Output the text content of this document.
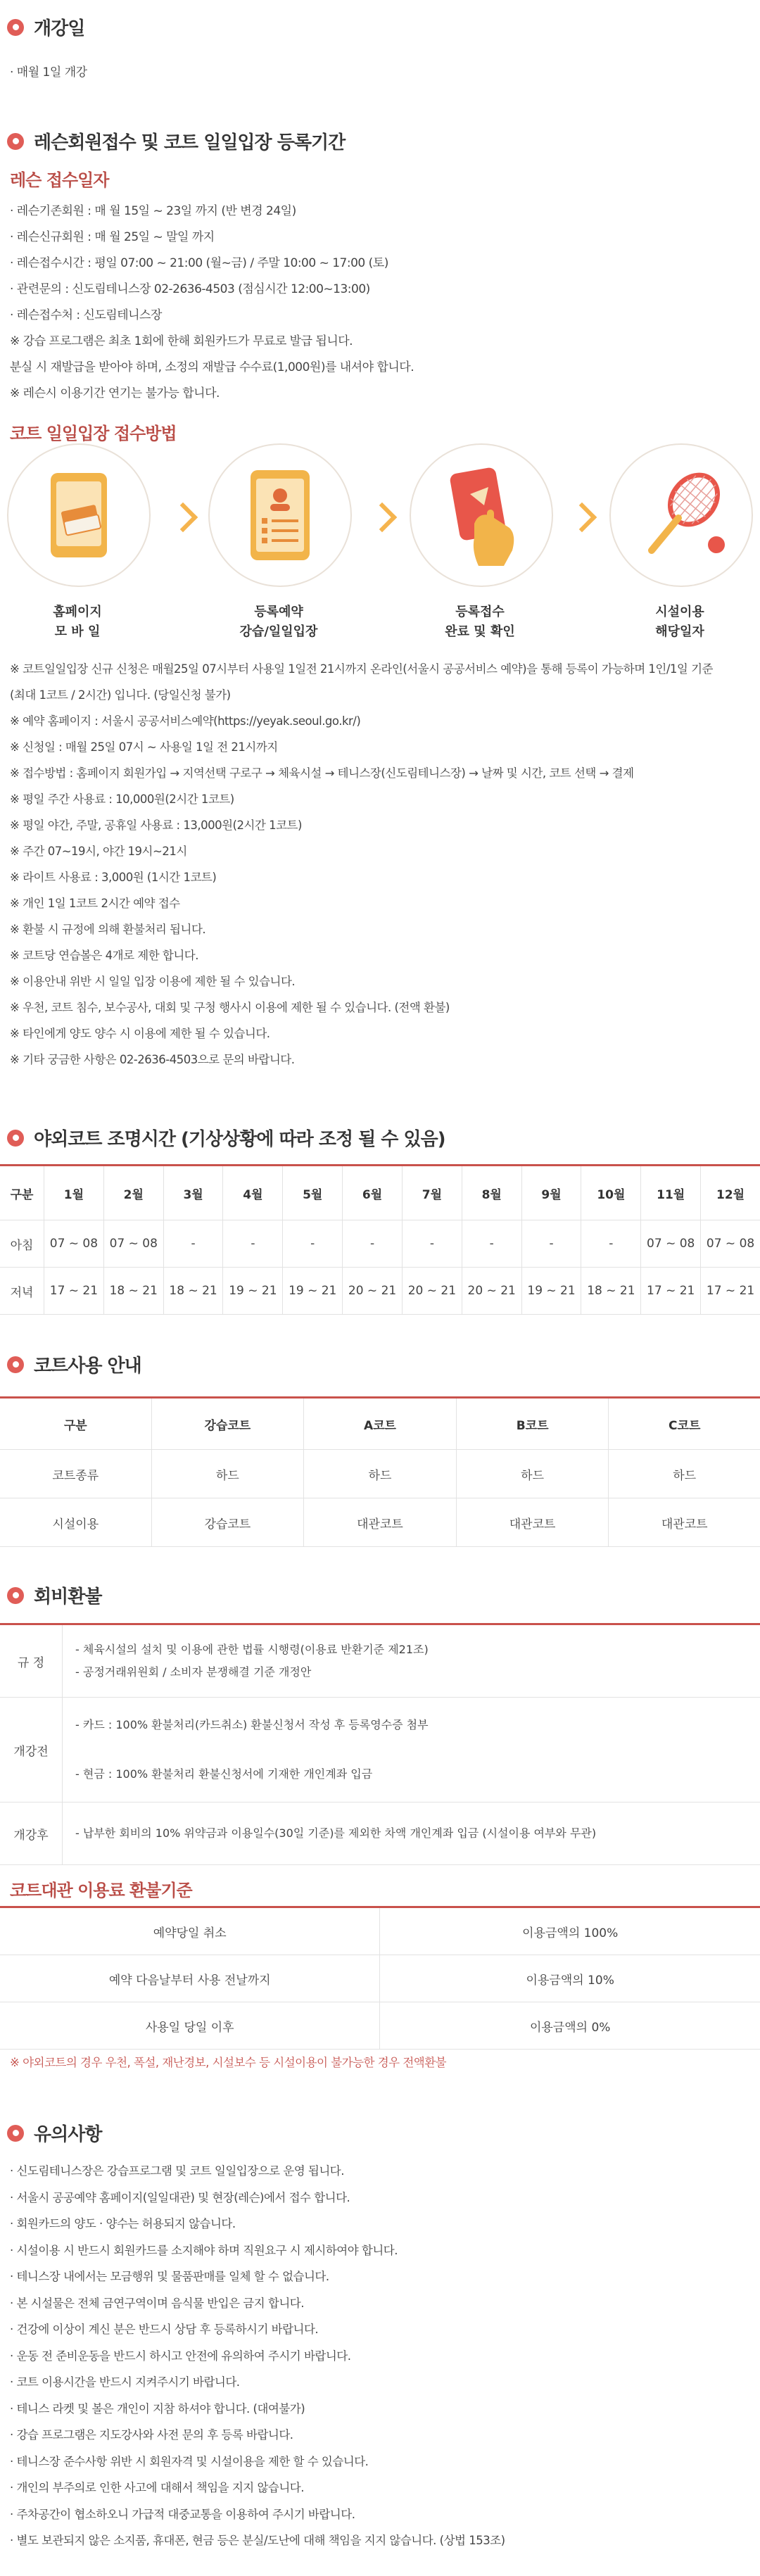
개강일
· 매월 1일 개강
레슨회원접수 및 코트 일일입장 등록기간
레슨 접수일자
· 레슨기존회원 : 매 월 15일 ~ 23일 까지 (반 변경 24일)
· 레슨신규회원 : 매 월 25일 ~ 말일 까지
· 레슨접수시간 : 평일 07:00 ~ 21:00 (월~금) / 주말 10:00 ~ 17:00 (토)
· 관련문의 : 신도림테니스장 02-2636-4503 (점심시간 12:00~13:00)
· 레슨접수처 : 신도림테니스장
※ 강습 프로그램은 최초 1회에 한해 회원카드가 무료로 발급 됩니다.
분실 시 재발급을 받아야 하며, 소정의 재발급 수수료(1,000원)를 내셔야 합니다.
※ 레슨시 이용기간 연기는 불가능 합니다.
코트 일일입장 접수방법
홈페이지
모 바 일
등록예약
강습/일일입장
등록접수
완료 및 확인
시설이용
해당일자
※ 코트일일입장 신규 신청은 매월25일 07시부터 사용일 1일전 21시까지 온라인(서울시 공공서비스 예약)을 통해 등록이 가능하며 1인/1일 기준
(최대 1코트 / 2시간) 입니다. (당일신청 불가)
※ 예약 홈페이지 : 서울시 공공서비스예약(https://yeyak.seoul.go.kr/)
※ 신청일 : 매월 25일 07시 ~ 사용일 1일 전 21시까지
※ 접수방법 : 홈페이지 회원가입 → 지역선택 구로구 → 체육시설 → 테니스장(신도림테니스장) → 날짜 및 시간, 코트 선택 → 결제
※ 평일 주간 사용료 : 10,000원(2시간 1코트)
※ 평일 야간, 주말, 공휴일 사용료 : 13,000원(2시간 1코트)
※ 주간 07~19시, 야간 19시~21시
※ 라이트 사용료 : 3,000원 (1시간 1코트)
※ 개인 1일 1코트 2시간 예약 접수
※ 환불 시 규정에 의해 환불처리 됩니다.
※ 코트당 연습볼은 4개로 제한 합니다.
※ 이용안내 위반 시 일일 입장 이용에 제한 될 수 있습니다.
※ 우천, 코트 침수, 보수공사, 대회 및 구청 행사시 이용에 제한 될 수 있습니다. (전액 환불)
※ 타인에게 양도 양수 시 이용에 제한 될 수 있습니다.
※ 기타 궁금한 사항은 02-2636-4503으로 문의 바랍니다.
야외코트 조명시간 (기상상황에 따라 조정 될 수 있음)
구분	1월	2월	3월	4월	5월	6월	7월	8월	9월	10월	11월	12월
아침	07 ~ 08	07 ~ 08	-	-	-	-	-	-	-	-	07 ~ 08	07 ~ 08
저녁	17 ~ 21	18 ~ 21	18 ~ 21	19 ~ 21	19 ~ 21	20 ~ 21	20 ~ 21	20 ~ 21	19 ~ 21	18 ~ 21	17 ~ 21	17 ~ 21
코트사용 안내
구분	강습코트	A코트	B코트	C코트
코트종류	하드	하드	하드	하드
시설이용	강습코트	대관코트	대관코트	대관코트
회비환불
규 정	- 체육시설의 설치 및 이용에 관한 법률 시행령(이용료 반환기준 제21조)
- 공정거래위원회 / 소비자 분쟁해결 기준 개정안

개강전	- 카드 : 100% 환불처리(카드취소) 환불신청서 작성 후 등록영수증 첨부
- 현금 : 100% 환불처리 환불신청서에 기재한 개인계좌 입금

개강후	- 납부한 회비의 10% 위약금과 이용일수(30일 기준)를 제외한 차액 개인계좌 입금 (시설이용 여부와 무관)
코트대관 이용료 환불기준
예약당일 취소	이용금액의 100%
예약 다음날부터 사용 전날까지	이용금액의 10%
사용일 당일 이후	이용금액의 0%
※ 야외코트의 경우 우천, 폭설, 재난경보, 시설보수 등 시설이용이 불가능한 경우 전액환불
유의사항
· 신도림테니스장은 강습프로그램 및 코트 일일입장으로 운영 됩니다.
· 서울시 공공예약 홈페이지(일일대관) 및 현장(레슨)에서 접수 합니다.
· 회원카드의 양도 · 양수는 허용되지 않습니다.
· 시설이용 시 반드시 회원카드를 소지해야 하며 직원요구 시 제시하여야 합니다.
· 테니스장 내에서는 모금행위 및 물품판매를 일체 할 수 없습니다.
· 본 시설물은 전체 금연구역이며 음식물 반입은 금지 합니다.
· 건강에 이상이 계신 분은 반드시 상담 후 등록하시기 바랍니다.
· 운동 전 준비운동을 반드시 하시고 안전에 유의하여 주시기 바랍니다.
· 코트 이용시간을 반드시 지켜주시기 바랍니다.
· 테니스 라켓 및 볼은 개인이 지참 하셔야 합니다. (대여불가)
· 강습 프로그램은 지도강사와 사전 문의 후 등록 바랍니다.
· 테니스장 준수사항 위반 시 회원자격 및 시설이용을 제한 할 수 있습니다.
· 개인의 부주의로 인한 사고에 대해서 책임을 지지 않습니다.
· 주차공간이 협소하오니 가급적 대중교통을 이용하여 주시기 바랍니다.
· 별도 보관되지 않은 소지품, 휴대폰, 현금 등은 분실/도난에 대해 책임을 지지 않습니다. (상법 153조)
